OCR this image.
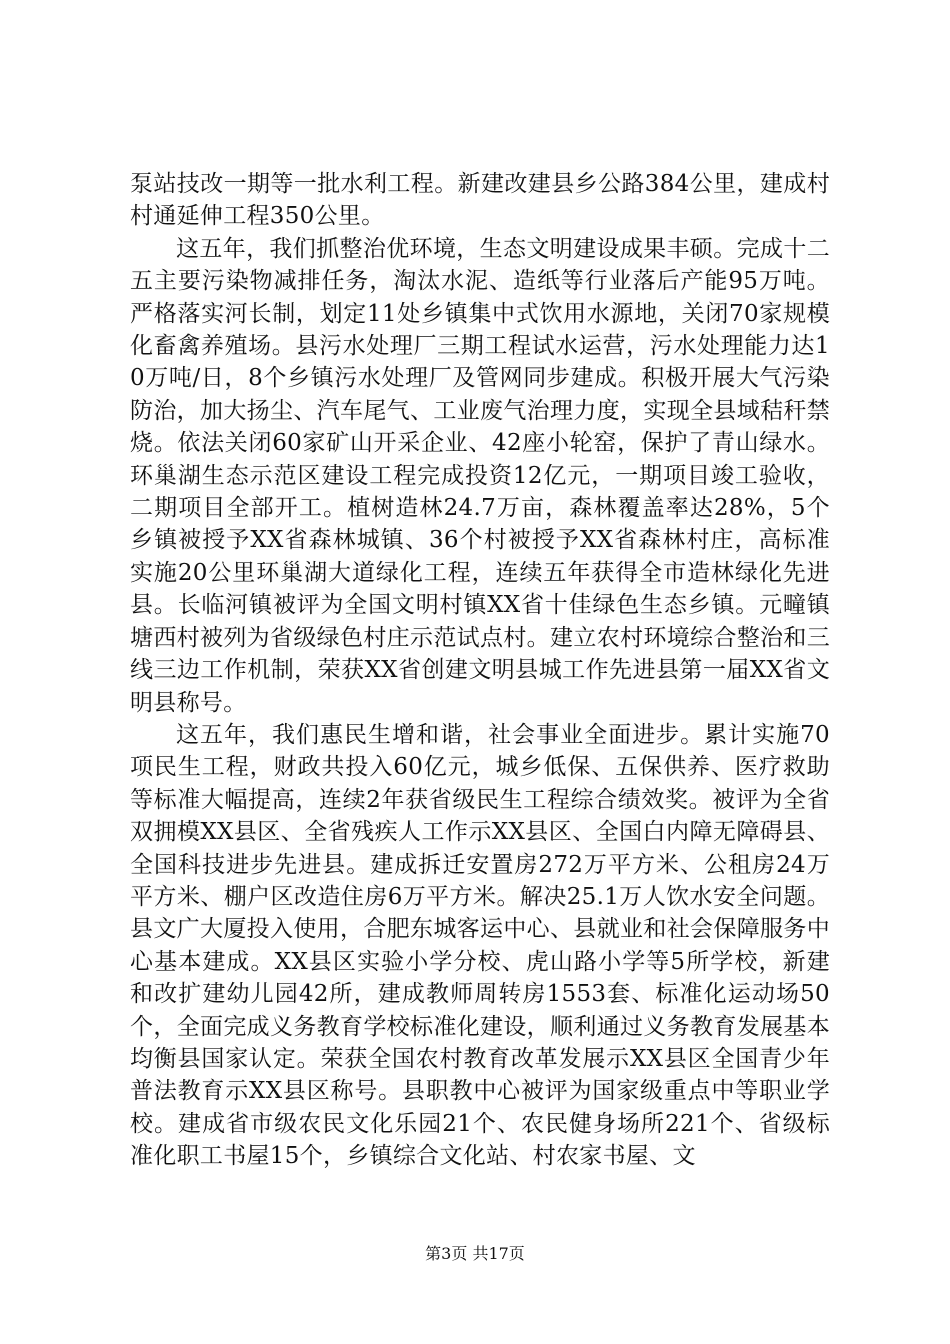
泵站技改一期等一批水利工程。新建改建县乡公路384公里，建成村村通延伸工程350公里。

这五年，我们抓整治优环境，生态文明建设成果丰硕。完成十二五主要污染物减排任务，淘汰水泥、造纸等行业落后产能95万吨。严格落实河长制，划定11处乡镇集中式饮用水源地，关闭70家规模化畜禽养殖场。县污水处理厂三期工程试水运营，污水处理能力达10万吨/日，8个乡镇污水处理厂及管网同步建成。积极开展大气污染防治，加大扬尘、汽车尾气、工业废气治理力度，实现全县域秸秆禁烧。依法关闭60家矿山开采企业、42座小轮窑，保护了青山绿水。环巢湖生态示范区建设工程完成投资12亿元，一期项目竣工验收，二期项目全部开工。植树造林24.7万亩，森林覆盖率达28%，5个乡镇被授予XX省森林城镇、36个村被授予XX省森林村庄，高标准实施20公里环巢湖大道绿化工程，连续五年获得全市造林绿化先进县。长临河镇被评为全国文明村镇XX省十佳绿色生态乡镇。元疃镇塘西村被列为省级绿色村庄示范试点村。建立农村环境综合整治和三线三边工作机制，荣获XX省创建文明县城工作先进县第一届XX省文明县称号。

这五年，我们惠民生增和谐，社会事业全面进步。累计实施70项民生工程，财政共投入60亿元，城乡低保、五保供养、医疗救助等标准大幅提高，连续2年获省级民生工程综合绩效奖。被评为全省双拥模XX县区、全省残疾人工作示XX县区、全国白内障无障碍县、全国科技进步先进县。建成拆迁安置房272万平方米、公租房24万平方米、棚户区改造住房6万平方米。解决25.1万人饮水安全问题。县文广大厦投入使用，合肥东城客运中心、县就业和社会保障服务中心基本建成。XX县区实验小学分校、虎山路小学等5所学校，新建和改扩建幼儿园42所，建成教师周转房1553套、标准化运动场50个，全面完成义务教育学校标准化建设，顺利通过义务教育发展基本均衡县国家认定。荣获全国农村教育改革发展示XX县区全国青少年普法教育示XX县区称号。县职教中心被评为国家级重点中等职业学校。建成省市级农民文化乐园21个、农民健身场所221个、省级标准化职工书屋15个，乡镇综合文化站、村农家书屋、文

第3页 共17页
